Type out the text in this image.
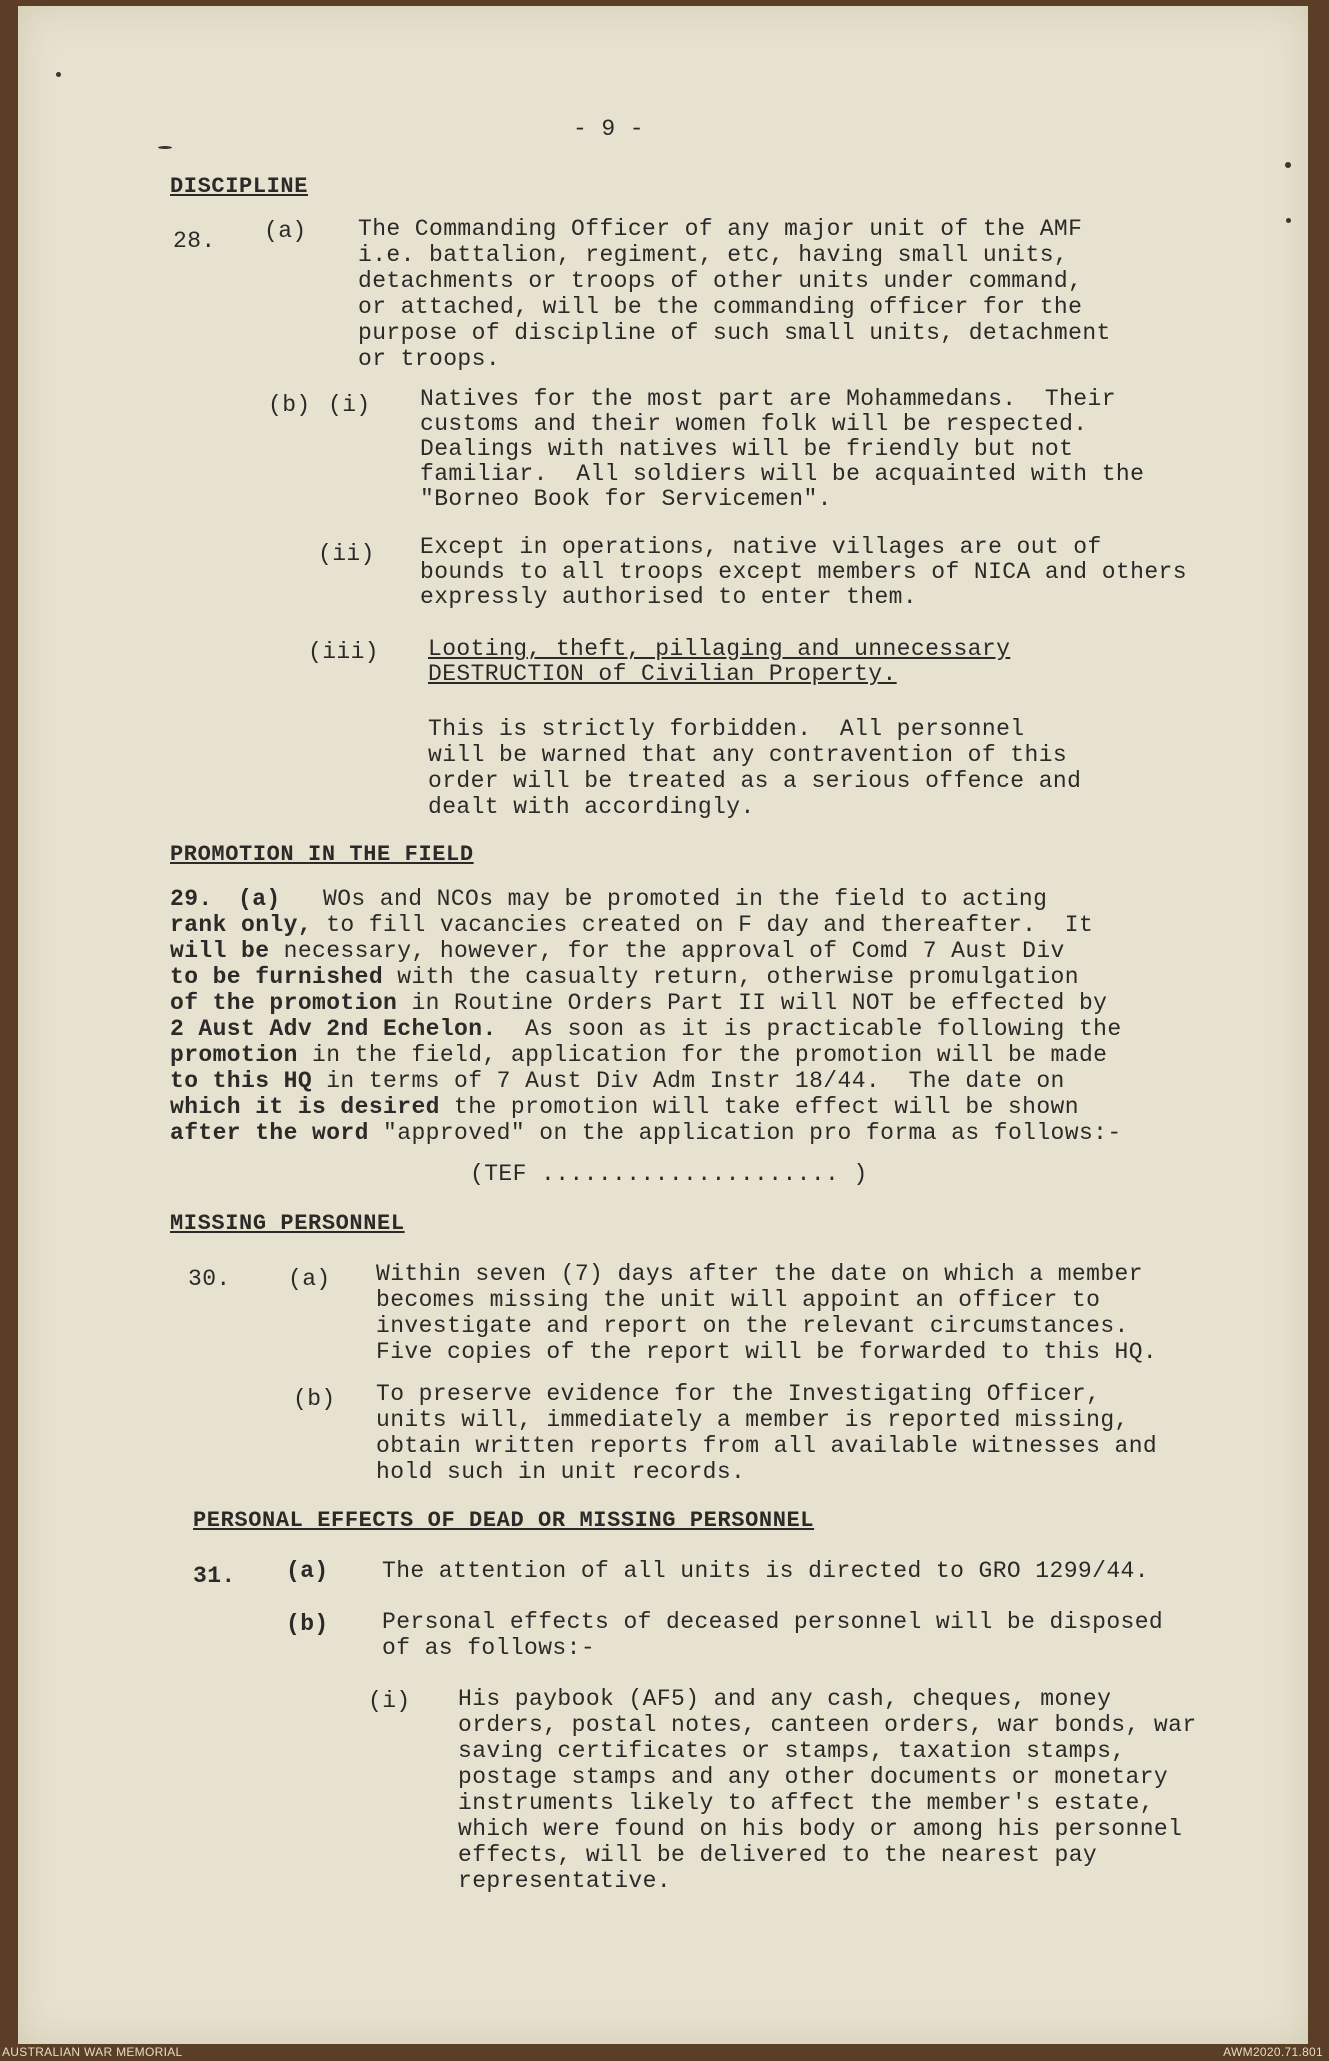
- 9 -
DISCIPLINE
28. (a) The Commanding Officer of any major unit of the AMF
i.e. battalion, regiment, etc, having small units,
detachments or troops of other units under command,
or attached, will be the commanding officer for the
purpose of discipline of such small units, detachment
or troops.
(b) (i) Natives for the most part are Mohammedans.  Their
customs and their women folk will be respected.
Dealings with natives will be friendly but not
familiar.  All soldiers will be acquainted with the
"Borneo Book for Servicemen".
(ii) Except in operations, native villages are out of
bounds to all troops except members of NICA and others
expressly authorised to enter them.
(iii) Looting, theft, pillaging and unnecessary
DESTRUCTION of Civilian Property.
This is strictly forbidden.  All personnel
will be warned that any contravention of this
order will be treated as a serious offence and
dealt with accordingly.
PROMOTION IN THE FIELD
29. (a) WOs and NCOs may be promoted in the field to acting
rank only, to fill vacancies created on F day and thereafter.  It
will be necessary, however, for the approval of Comd 7 Aust Div
to be furnished with the casualty return, otherwise promulgation
of the promotion in Routine Orders Part II will NOT be effected by
2 Aust Adv 2nd Echelon.  As soon as it is practicable following the
promotion in the field, application for the promotion will be made
to this HQ in terms of 7 Aust Div Adm Instr 18/44.  The date on
which it is desired the promotion will take effect will be shown
after the word "approved" on the application pro forma as follows:-
(TEF ..................... )
MISSING PERSONNEL
30. (a) Within seven (7) days after the date on which a member
becomes missing the unit will appoint an officer to
investigate and report on the relevant circumstances.
Five copies of the report will be forwarded to this HQ.
(b) To preserve evidence for the Investigating Officer,
units will, immediately a member is reported missing,
obtain written reports from all available witnesses and
hold such in unit records.
PERSONAL EFFECTS OF DEAD OR MISSING PERSONNEL
31. (a) The attention of all units is directed to GRO 1299/44.
(b) Personal effects of deceased personnel will be disposed
of as follows:-
(i) His paybook (AF5) and any cash, cheques, money
orders, postal notes, canteen orders, war bonds, war
saving certificates or stamps, taxation stamps,
postage stamps and any other documents or monetary
instruments likely to affect the member's estate,
which were found on his body or among his personnel
effects, will be delivered to the nearest pay
representative.
AUSTRALIAN WAR MEMORIAL	AWM2020.71.801
